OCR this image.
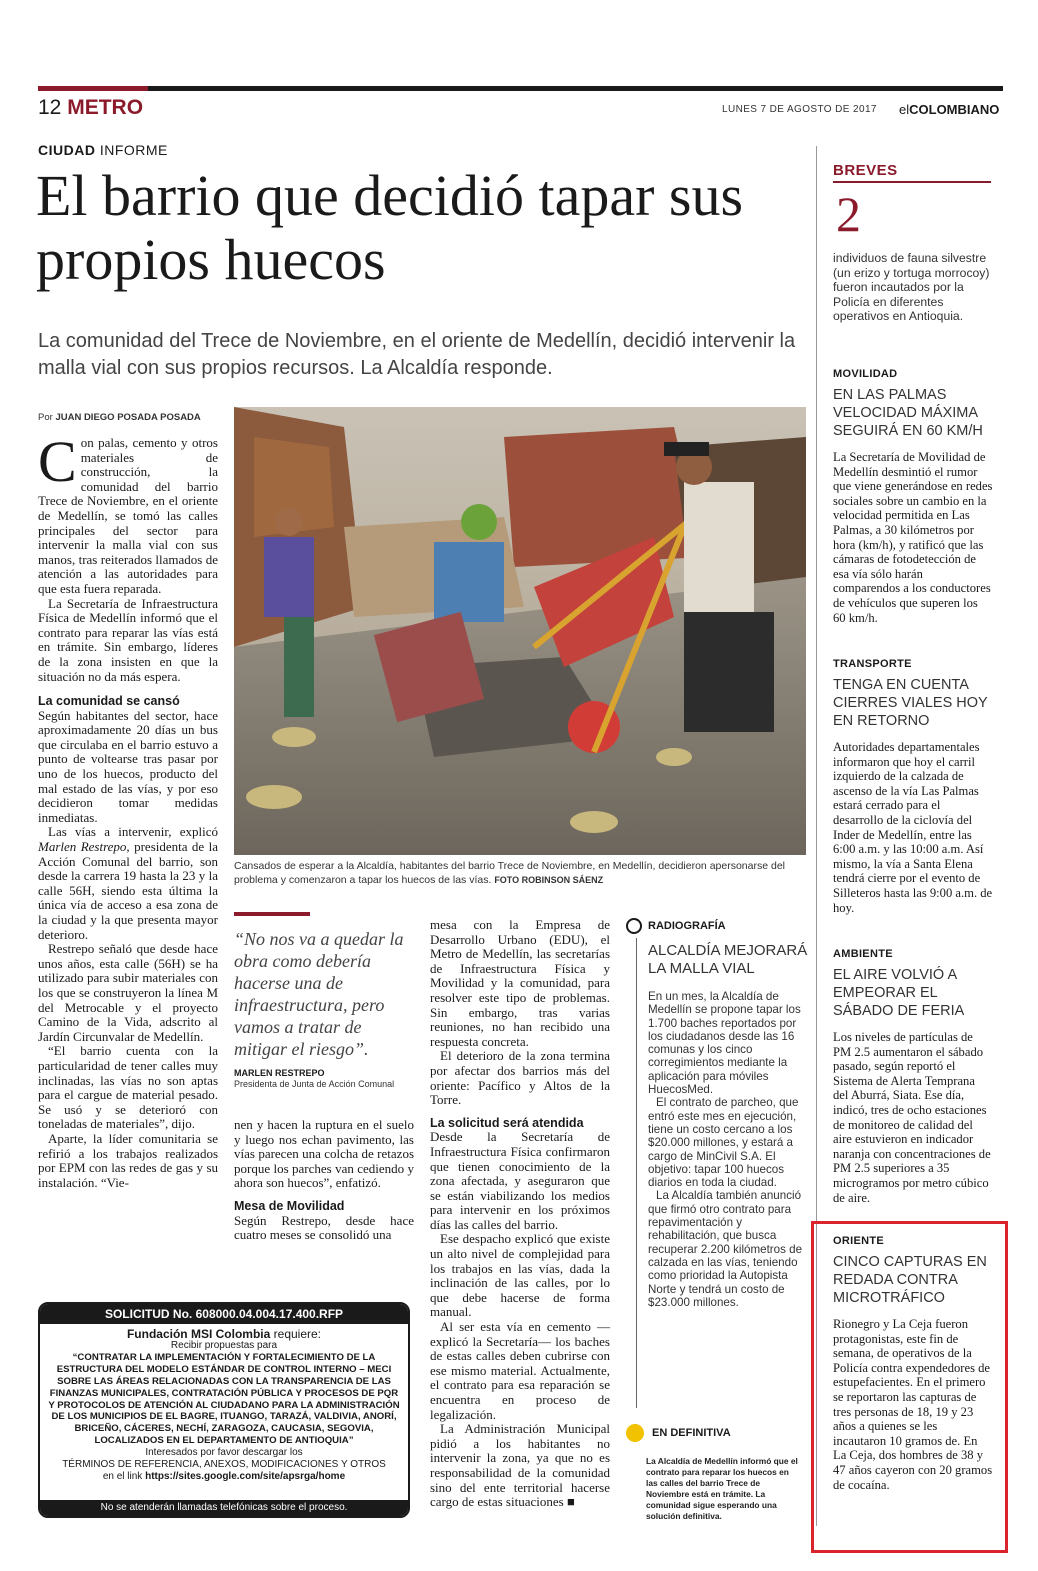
12 METRO	LUNES 7 DE AGOSTO DE 2017 elCOLOMBIANO
CIUDAD INFORME
El barrio que decidió tapar sus propios huecos
La comunidad del Trece de Noviembre, en el oriente de Medellín, decidió intervenir la malla vial con sus propios recursos. La Alcaldía responde.
Por JUAN DIEGO POSADA POSADA

Con palas, cemento y otros materiales de construcción, la comunidad del barrio Trece de Noviembre, en el oriente de Medellín, se tomó las calles principales del sector para intervenir la malla vial con sus manos, tras reiterados llamados de atención a las autoridades para que esta fuera reparada.

La Secretaría de Infraestructura Física de Medellín informó que el contrato para reparar las vías está en trámite. Sin embargo, líderes de la zona insisten en que la situación no da más espera.

La comunidad se cansó

Según habitantes del sector, hace aproximadamente 20 días un bus que circulaba en el barrio estuvo a punto de voltearse tras pasar por uno de los huecos, producto del mal estado de las vías, y por eso decidieron tomar medidas inmediatas.

Las vías a intervenir, explicó Marlen Restrepo, presidenta de la Acción Comunal del barrio, son desde la carrera 19 hasta la 23 y la calle 56H, siendo esta última la única vía de acceso a esa zona de la ciudad y la que presenta mayor deterioro.

Restrepo señaló que desde hace unos años, esta calle (56H) se ha utilizado para subir materiales con los que se construyeron la línea M del Metrocable y el proyecto Camino de la Vida, adscrito al Jardín Circunvalar de Medellín.

“El barrio cuenta con la particularidad de tener calles muy inclinadas, las vías no son aptas para el cargue de material pesado. Se usó y se deterioró con toneladas de materiales”, dijo.

Aparte, la líder comunitaria se refirió a los trabajos realizados por EPM con las redes de gas y su instalación. “Vie-

Cansados de esperar a la Alcaldía, habitantes del barrio Trece de Noviembre, en Medellín, decidieron apersonarse del problema y comenzaron a tapar los huecos de las vías. FOTO ROBINSON SÁENZ
“No nos va a quedar la obra como debería hacerse una de infraestructura, pero vamos a tratar de mitigar el riesgo”.
MARLEN RESTREPO
Presidenta de Junta de Acción Comunal

nen y hacen la ruptura en el suelo y luego nos echan pavimento, las vías parecen una colcha de retazos porque los parches van cediendo y ahora son huecos”, enfatizó.

Mesa de Movilidad

Según Restrepo, desde hace cuatro meses se consolidó una

mesa con la Empresa de Desarrollo Urbano (EDU), el Metro de Medellín, las secretarías de Infraestructura Física y Movilidad y la comunidad, para resolver este tipo de problemas. Sin embargo, tras varias reuniones, no han recibido una respuesta concreta.

El deterioro de la zona termina por afectar dos barrios más del oriente: Pacífico y Altos de la Torre.

La solicitud será atendida

Desde la Secretaría de Infraestructura Física confirmaron que tienen conocimiento de la zona afectada, y aseguraron que se están viabilizando los medios para intervenir en los próximos días las calles del barrio.

Ese despacho explicó que existe un alto nivel de complejidad para los trabajos en las vías, dada la inclinación de las calles, por lo que debe hacerse de forma manual.

Al ser esta vía en cemento —explicó la Secretaría— los baches de estas calles deben cubrirse con ese mismo material. Actualmente, el contrato para esa reparación se encuentra en proceso de legalización.

La Administración Municipal pidió a los habitantes no intervenir la zona, ya que no es responsabilidad de la comunidad sino del ente territorial hacerse cargo de estas situaciones ■

RADIOGRAFÍA
ALCALDÍA MEJORARÁ LA MALLA VIAL

En un mes, la Alcaldía de Medellín se propone tapar los 1.700 baches reportados por los ciudadanos desde las 16 comunas y los cinco corregimientos mediante la aplicación para móviles HuecosMed.

El contrato de parcheo, que entró este mes en ejecución, tiene un costo cercano a los $20.000 millones, y estará a cargo de MinCivil S.A. El objetivo: tapar 100 huecos diarios en toda la ciudad.

La Alcaldía también anunció que firmó otro contrato para repavimentación y rehabilitación, que busca recuperar 2.200 kilómetros de calzada en las vías, teniendo como prioridad la Autopista Norte y tendrá un costo de $23.000 millones.

EN DEFINITIVA
La Alcaldía de Medellín informó que el contrato para reparar los huecos en las calles del barrio Trece de Noviembre está en trámite. La comunidad sigue esperando una solución definitiva.
SOLICITUD No. 608000.04.004.17.400.RFP
Fundación MSI Colombia requiere:
Recibir propuestas para
“CONTRATAR LA IMPLEMENTACIÓN Y FORTALECIMIENTO DE LA ESTRUCTURA DEL MODELO ESTÁNDAR DE CONTROL INTERNO – MECI SOBRE LAS ÁREAS RELACIONADAS CON LA TRANSPARENCIA DE LAS FINANZAS MUNICIPALES, CONTRATACIÓN PÚBLICA Y PROCESOS DE PQR Y PROTOCOLOS DE ATENCIÓN AL CIUDADANO PARA LA ADMINISTRACIÓN DE LOS MUNICIPIOS DE EL BAGRE, ITUANGO, TARAZÁ, VALDIVIA, ANORÍ, BRICEÑO, CÁCERES, NECHÍ, ZARAGOZA, CAUCASIA, SEGOVIA, LOCALIZADOS EN EL DEPARTAMENTO DE ANTIOQUIA”
Interesados por favor descargar los
TÉRMINOS DE REFERENCIA, ANEXOS, MODIFICACIONES Y OTROS
en el link https://sites.google.com/site/apsrga/home
No se atenderán llamadas telefónicas sobre el proceso.
BREVES
2
individuos de fauna silvestre (un erizo y tortuga morrocoy) fueron incautados por la Policía en diferentes operativos en Antioquia.
MOVILIDAD
EN LAS PALMAS VELOCIDAD MÁXIMA SEGUIRÁ EN 60 KM/H
La Secretaría de Movilidad de Medellín desmintió el rumor que viene generándose en redes sociales sobre un cambio en la velocidad permitida en Las Palmas, a 30 kilómetros por hora (km/h), y ratificó que las cámaras de fotodetección de esa vía sólo harán comparendos a los conductores de vehículos que superen los 60 km/h.
TRANSPORTE
TENGA EN CUENTA CIERRES VIALES HOY EN RETORNO
Autoridades departamentales informaron que hoy el carril izquierdo de la calzada de ascenso de la vía Las Palmas estará cerrado para el desarrollo de la ciclovía del Inder de Medellín, entre las 6:00 a.m. y las 10:00 a.m. Así mismo, la vía a Santa Elena tendrá cierre por el evento de Silleteros hasta las 9:00 a.m. de hoy.
AMBIENTE
EL AIRE VOLVIÓ A EMPEORAR EL SÁBADO DE FERIA
Los niveles de partículas de PM 2.5 aumentaron el sábado pasado, según reportó el Sistema de Alerta Temprana del Aburrá, Siata. Ese día, indicó, tres de ocho estaciones de monitoreo de calidad del aire estuvieron en indicador naranja con concentraciones de PM 2.5 superiores a 35 microgramos por metro cúbico de aire.
ORIENTE
CINCO CAPTURAS EN REDADA CONTRA MICROTRÁFICO
Rionegro y La Ceja fueron protagonistas, este fin de semana, de operativos de la Policía contra expendedores de estupefacientes. En el primero se reportaron las capturas de tres personas de 18, 19 y 23 años a quienes se les incautaron 10 gramos de. En La Ceja, dos hombres de 38 y 47 años cayeron con 20 gramos de cocaína.
